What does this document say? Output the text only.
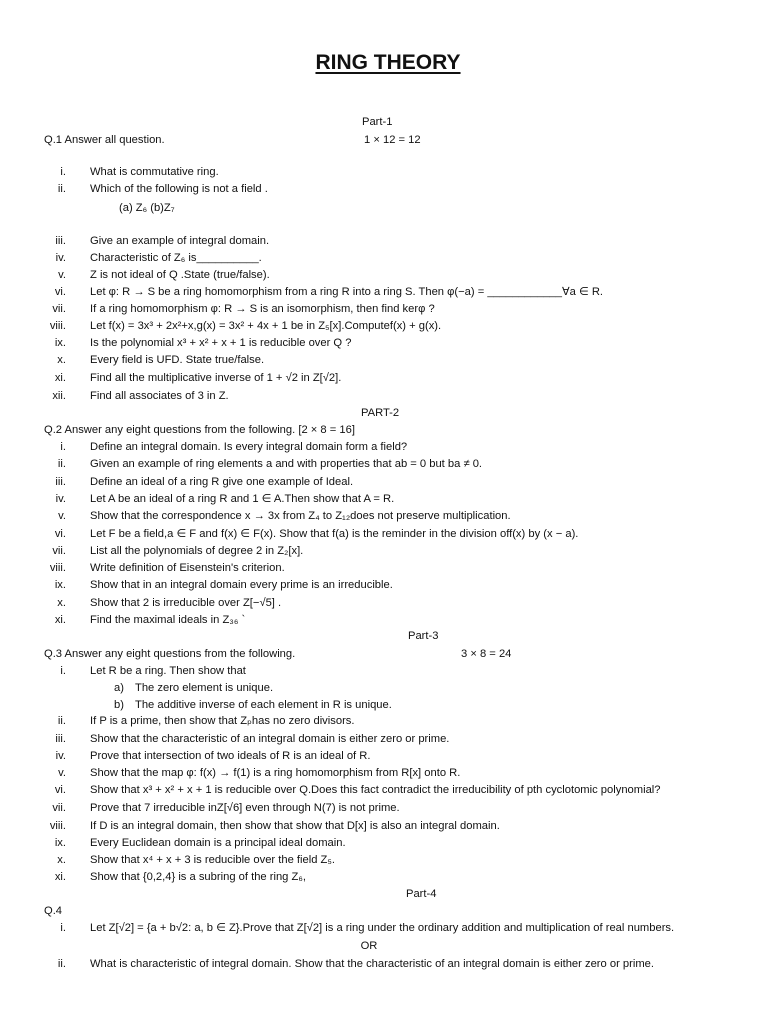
RING THEORY
Part-1
Q.1 Answer all question.	1 × 12 = 12
i. What is commutative ring.
ii. Which of the following is not a field .
(a) Z₆ (b)Z₇
iii. Give an example of integral domain.
iv. Characteristic of Z₆ is__________.
v. Z is not ideal of Q .State (true/false).
vi. Let φ: R → S be a ring homomorphism from a ring R into a ring S. Then φ(−a) = ____________∀a ∈ R.
vii. If a ring homomorphism φ: R → S is an isomorphism, then find kerφ ?
viii. Let f(x) = 3x³ + 2x²+x,g(x) = 3x² + 4x + 1 be in Z₅[x].Computef(x) + g(x).
ix. Is the polynomial x³ + x² + x + 1 is reducible over Q ?
x. Every field is UFD. State true/false.
xi. Find all the multiplicative inverse of 1 + √2 in Z[√2].
xii. Find all associates of 3 in Z.
PART-2
Q.2 Answer any eight questions from the following. [2 × 8 = 16]
i. Define an integral domain. Is every integral domain form a field?
ii. Given an example of ring elements a and with properties that ab = 0 but ba ≠ 0.
iii. Define an ideal of a ring R give one example of Ideal.
iv. Let A be an ideal of a ring R and 1 ∈ A.Then show that A = R.
v. Show that the correspondence x → 3x from Z₄ to Z₁₂does not preserve multiplication.
vi. Let F be a field,a ∈ F and f(x) ∈ F(x). Show that f(a) is the reminder in the division off(x) by (x − a).
vii. List all the polynomials of degree 2 in Z₂[x].
viii. Write definition of Eisenstein's criterion.
ix. Show that in an integral domain every prime is an irreducible.
x. Show that 2 is irreducible over Z[−√5] .
xi. Find the maximal ideals in Z₃₆ `
Part-3
Q.3 Answer any eight questions from the following.	3 × 8 = 24
i. Let R be a ring. Then show that
a) The zero element is unique.
b) The additive inverse of each element in R is unique.
ii. If P is a prime, then show that Zₚhas no zero divisors.
iii. Show that the characteristic of an integral domain is either zero or prime.
iv. Prove that intersection of two ideals of R is an ideal of R.
v. Show that the map φ: f(x) → f(1) is a ring homomorphism from R[x] onto R.
vi. Show that x³ + x² + x + 1 is reducible over Q.Does this fact contradict the irreducibility of pth cyclotomic polynomial?
vii. Prove that 7 irreducible inZ[√6] even through N(7) is not prime.
viii. If D is an integral domain, then show that show that D[x] is also an integral domain.
ix. Every Euclidean domain is a principal ideal domain.
x. Show that x⁴ + x + 3 is reducible over the field Z₅.
xi. Show that {0,2,4} is a subring of the ring Z₆,
Part-4
Q.4
i. Let Z[√2] = {a + b√2: a, b ∈ Z}.Prove that Z[√2] is a ring under the ordinary addition and multiplication of real numbers.
OR
ii. What is characteristic of integral domain. Show that the characteristic of an integral domain is either zero or prime.
